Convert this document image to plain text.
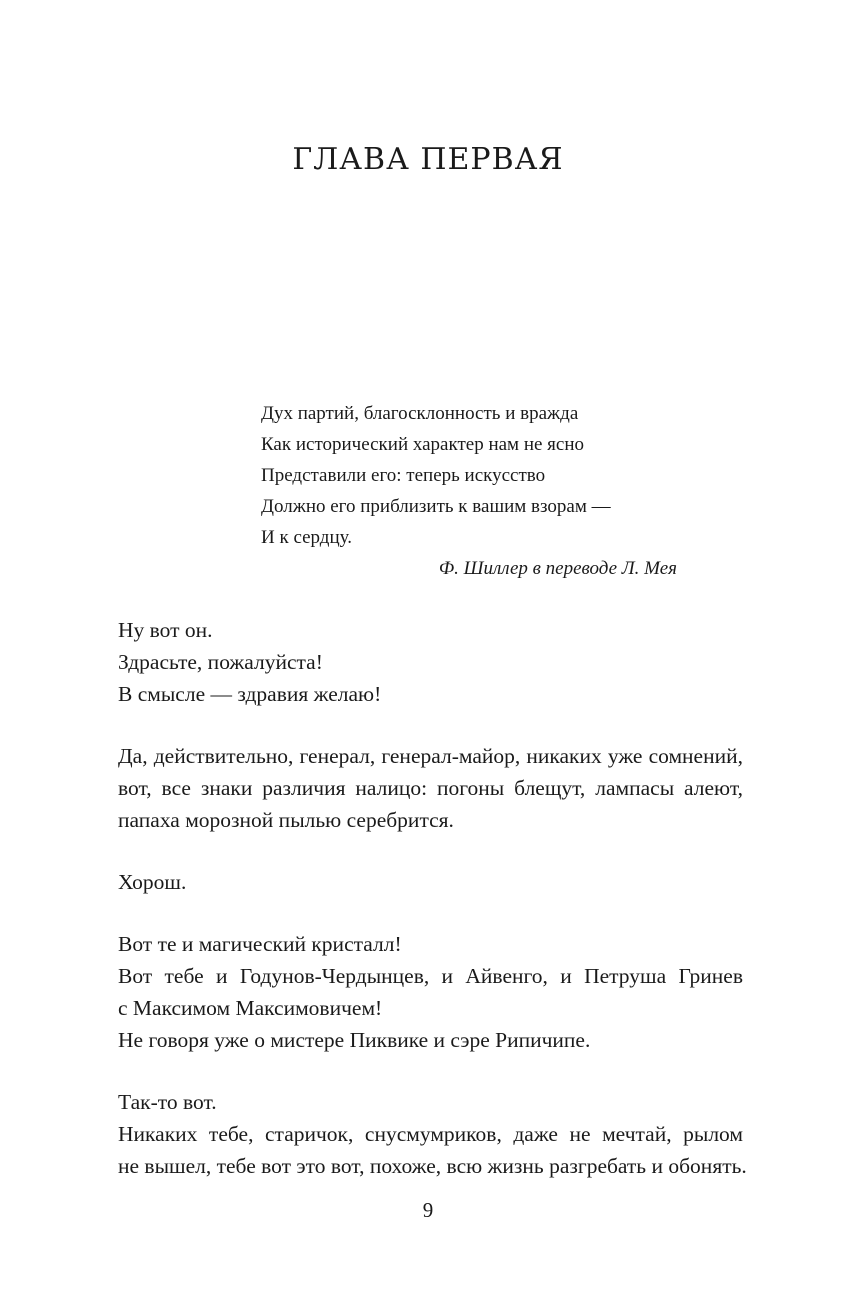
ГЛАВА ПЕРВАЯ
Дух партий, благосклонность и вражда
Как исторический характер нам не ясно
Представили его: теперь искусство
Должно его приблизить к вашим взорам —
И к сердцу.
Ф. Шиллер в переводе Л. Мея
Ну вот он.
Здрасьте, пожалуйста!
В смысле — здравия желаю!
Да, действительно, генерал, генерал-майор, никаких уже сомнений,
вот, все знаки различия налицо: погоны блещут, лампасы алеют,
папаха морозной пылью серебрится.
Хорош.
Вот те и магический кристалл!
Вот тебе и Годунов-Чердынцев, и Айвенго, и Петруша Гринев
с Максимом Максимовичем!
Не говоря уже о мистере Пиквике и сэре Рипичипе.
Так-то вот.
Никаких тебе, старичок, снусмумриков, даже не мечтай, рылом
не вышел, тебе вот это вот, похоже, всю жизнь разгребать и обонять.
9
